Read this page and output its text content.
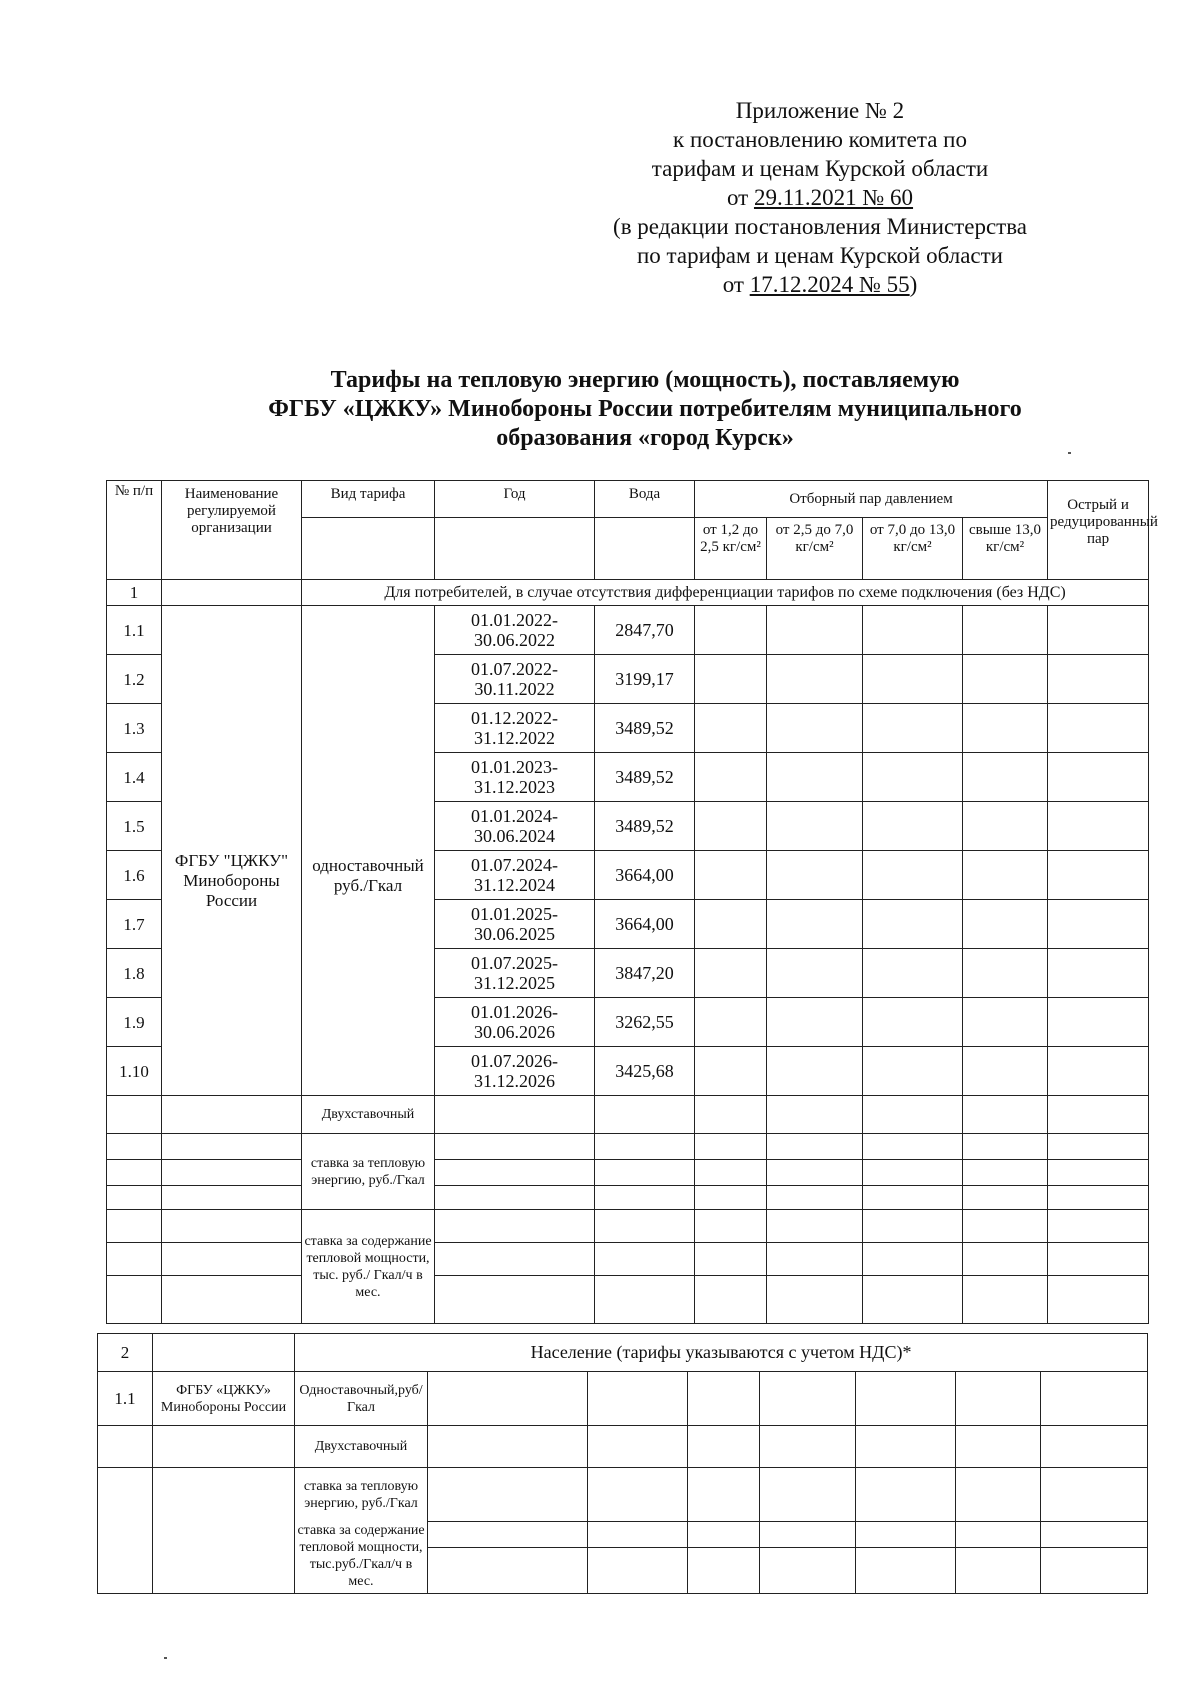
Приложение № 2
к постановлению комитета по
тарифам и ценам Курской области
от 29.11.2021 № 60
(в редакции постановления Министерства
по тарифам и ценам Курской области
от 17.12.2024 № 55)
Тарифы на тепловую энергию (мощность), поставляемую
ФГБУ «ЦЖКУ» Минобороны России потребителям муниципального
образования «город Курск»
№ п/п	Наименование регулируемой организации	Вид тарифа	Год	Вода	Отборный пар давлением				Острый и редуцированный пар
					от 1,2 до 2,5 кг/см²	от 2,5 до 7,0 кг/см²	от 7,0 до 13,0 кг/см²	свыше 13,0 кг/см²	
1		Для потребителей, в случае отсутствия дифференциации тарифов по схеме подключения (без НДС)							
1.1	ФГБУ "ЦЖКУ" Минобороны России	одноставочный руб./Гкал	01.01.2022-30.06.2022	2847,70					
1.2			01.07.2022-30.11.2022	3199,17					
1.3			01.12.2022-31.12.2022	3489,52					
1.4			01.01.2023-31.12.2023	3489,52					
1.5			01.01.2024-30.06.2024	3489,52					
1.6			01.07.2024-31.12.2024	3664,00					
1.7			01.01.2025-30.06.2025	3664,00					
1.8			01.07.2025-31.12.2025	3847,20					
1.9			01.01.2026-30.06.2026	3262,55					
1.10			01.07.2026-31.12.2026	3425,68					
		Двухставочный							
		ставка за тепловую энергию, руб./Гкал							

		ставка за содержание тепловой мощности, тыс. руб./ Гкал/ч в мес.							

2		Население (тарифы указываются с учетом НДС)*							
1.1	ФГБУ «ЦЖКУ» Минобороны России	Одноставочный,руб/Гкал							
		Двухставочный							
		ставка за тепловую энергию, руб./Гкал							
		ставка за содержание тепловой мощности, тыс.руб./Гкал/ч в мес.							
